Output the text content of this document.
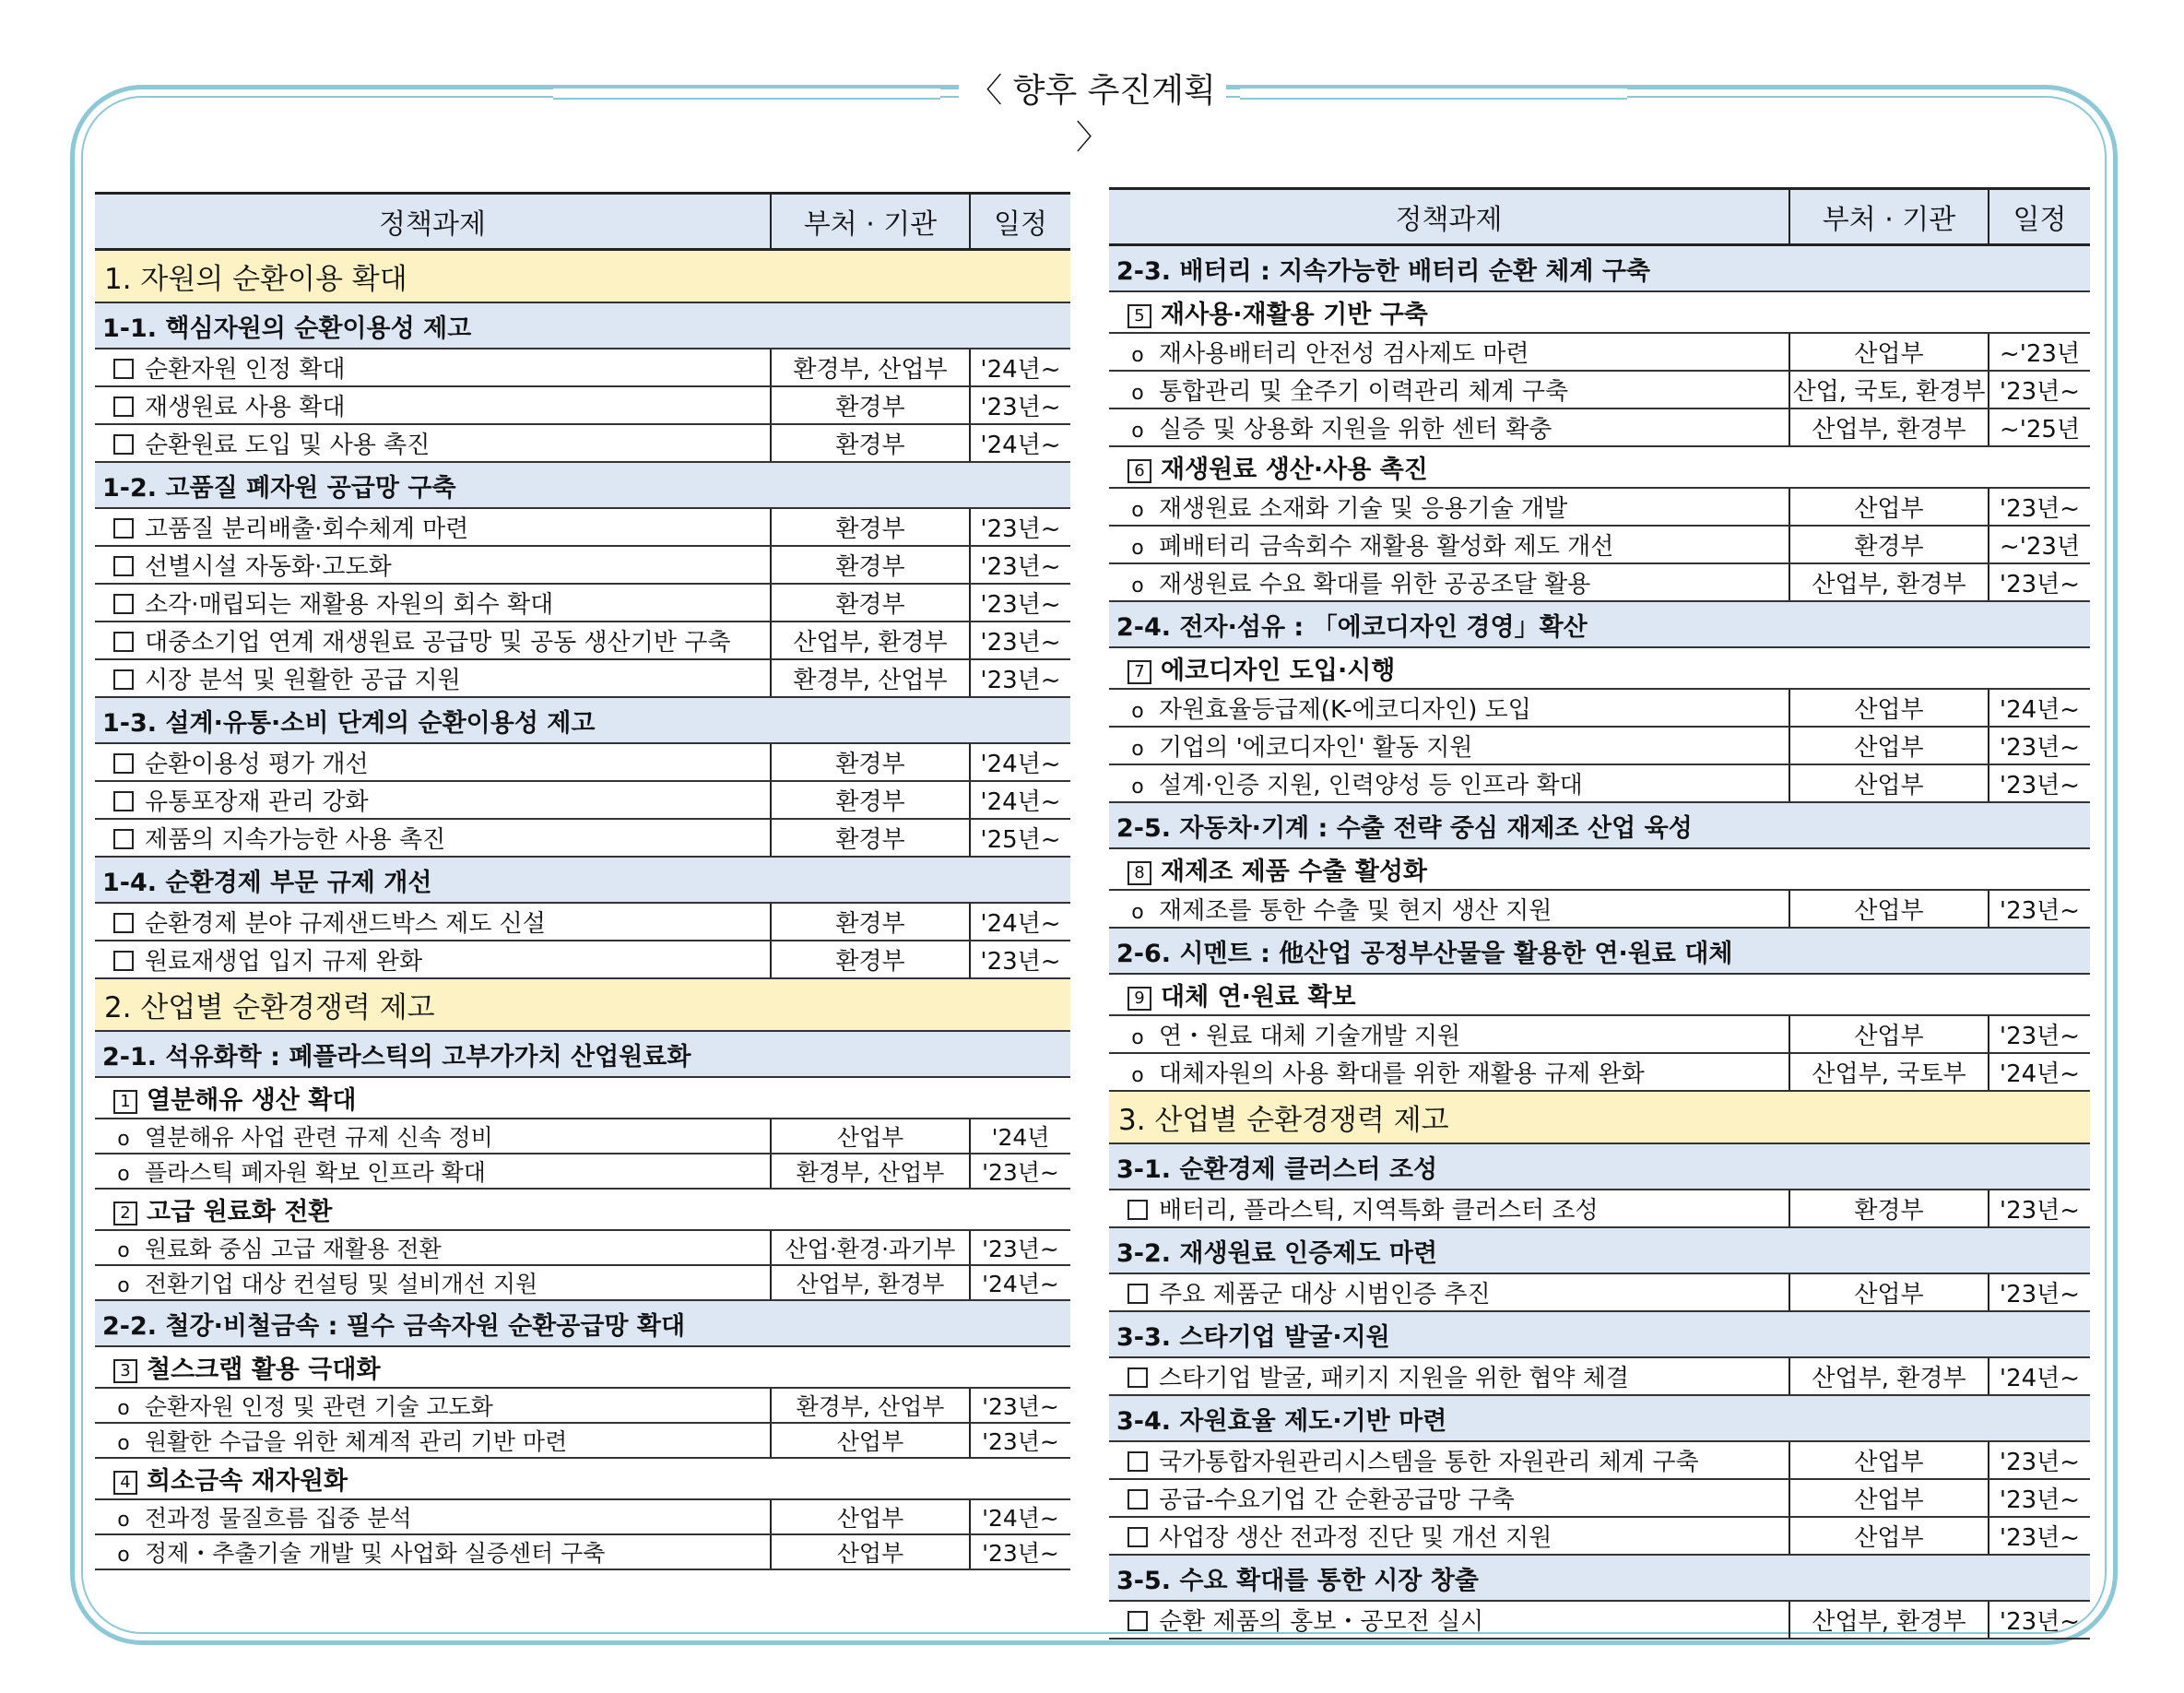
〈 향후 추진계획 〉
정책과제	부처 · 기관	일정
1. 자원의 순환이용 확대		
1-1. 핵심자원의 순환이용성 제고		
순환자원 인정 확대	환경부, 산업부	'24년~
재생원료 사용 확대	환경부	'23년~
순환원료 도입 및 사용 촉진	환경부	'24년~
1-2. 고품질 폐자원 공급망 구축		
고품질 분리배출·회수체계 마련	환경부	'23년~
선별시설 자동화·고도화	환경부	'23년~
소각·매립되는 재활용 자원의 회수 확대	환경부	'23년~
대중소기업 연계 재생원료 공급망 및 공동 생산기반 구축	산업부, 환경부	'23년~
시장 분석 및 원활한 공급 지원	환경부, 산업부	'23년~
1-3. 설계·유통·소비 단계의 순환이용성 제고		
순환이용성 평가 개선	환경부	'24년~
유통포장재 관리 강화	환경부	'24년~
제품의 지속가능한 사용 촉진	환경부	'25년~
1-4. 순환경제 부문 규제 개선		
순환경제 분야 규제샌드박스 제도 신설	환경부	'24년~
원료재생업 입지 규제 완화	환경부	'23년~
2. 산업별 순환경쟁력 제고		
2-1. 석유화학 : 폐플라스틱의 고부가가치 산업원료화		
1 열분해유 생산 확대		
o 열분해유 사업 관련 규제 신속 정비	산업부	'24년
o 플라스틱 폐자원 확보 인프라 확대	환경부, 산업부	'23년~
2 고급 원료화 전환		
o 원료화 중심 고급 재활용 전환	산업·환경·과기부	'23년~
o 전환기업 대상 컨설팅 및 설비개선 지원	산업부, 환경부	'24년~
2-2. 철강·비철금속 : 필수 금속자원 순환공급망 확대		
3 철스크랩 활용 극대화		
o 순환자원 인정 및 관련 기술 고도화	환경부, 산업부	'23년~
o 원활한 수급을 위한 체계적 관리 기반 마련	산업부	'23년~
4 희소금속 재자원화		
o 전과정 물질흐름 집중 분석	산업부	'24년~
o 정제・추출기술 개발 및 사업화 실증센터 구축	산업부	'23년~
정책과제	부처 · 기관	일정
2-3. 배터리 : 지속가능한 배터리 순환 체계 구축		
5 재사용·재활용 기반 구축		
o 재사용배터리 안전성 검사제도 마련	산업부	~'23년
o 통합관리 및 全주기 이력관리 체계 구축	산업, 국토, 환경부	'23년~
o 실증 및 상용화 지원을 위한 센터 확충	산업부, 환경부	~'25년
6 재생원료 생산·사용 촉진		
o 재생원료 소재화 기술 및 응용기술 개발	산업부	'23년~
o 폐배터리 금속회수 재활용 활성화 제도 개선	환경부	~'23년
o 재생원료 수요 확대를 위한 공공조달 활용	산업부, 환경부	'23년~
2-4. 전자·섬유 : 「에코디자인 경영」확산		
7 에코디자인 도입·시행		
o 자원효율등급제(K-에코디자인) 도입	산업부	'24년~
o 기업의 '에코디자인' 활동 지원	산업부	'23년~
o 설계·인증 지원, 인력양성 등 인프라 확대	산업부	'23년~
2-5. 자동차·기계 : 수출 전략 중심 재제조 산업 육성		
8 재제조 제품 수출 활성화		
o 재제조를 통한 수출 및 현지 생산 지원	산업부	'23년~
2-6. 시멘트 : 他산업 공정부산물을 활용한 연·원료 대체		
9 대체 연·원료 확보		
o 연・원료 대체 기술개발 지원	산업부	'23년~
o 대체자원의 사용 확대를 위한 재활용 규제 완화	산업부, 국토부	'24년~
3. 산업별 순환경쟁력 제고		
3-1. 순환경제 클러스터 조성		
배터리, 플라스틱, 지역특화 클러스터 조성	환경부	'23년~
3-2. 재생원료 인증제도 마련		
주요 제품군 대상 시범인증 추진	산업부	'23년~
3-3. 스타기업 발굴·지원		
스타기업 발굴, 패키지 지원을 위한 협약 체결	산업부, 환경부	'24년~
3-4. 자원효율 제도·기반 마련		
국가통합자원관리시스템을 통한 자원관리 체계 구축	산업부	'23년~
공급-수요기업 간 순환공급망 구축	산업부	'23년~
사업장 생산 전과정 진단 및 개선 지원	산업부	'23년~
3-5. 수요 확대를 통한 시장 창출		
순환 제품의 홍보・공모전 실시	산업부, 환경부	'23년~
